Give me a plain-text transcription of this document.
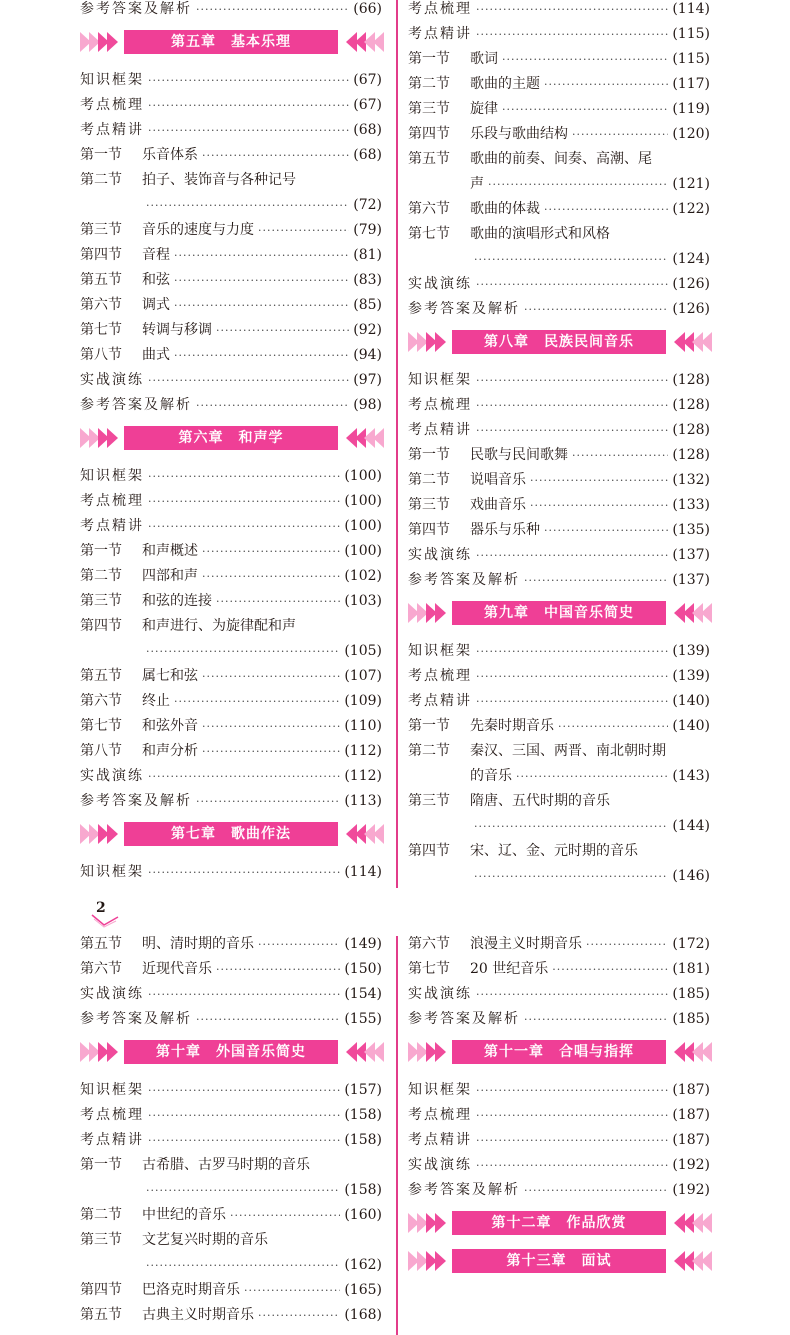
参考答案及解析 ·····	(66)
第五章　基本乐理
知识框架 ·····	(67)
考点梳理 ·····	(67)
考点精讲 ·····	(68)
第一节	乐音体系 ·····	(68)
第二节	拍子、装饰音与各种记号
·····
(72)
第三节	音乐的速度与力度 ·····	(79)
第四节	音程 ·····	(81)
第五节	和弦 ·····	(83)
第六节	调式 ·····	(85)
第七节	转调与移调 ·····	(92)
第八节	曲式 ·····	(94)
实战演练 ·····	(97)
参考答案及解析 ·····	(98)
第六章　和声学
知识框架 ·····	(100)
考点梳理 ·····	(100)
考点精讲 ·····	(100)
第一节	和声概述 ·····	(100)
第二节	四部和声 ·····	(102)
第三节	和弦的连接 ·····	(103)
第四节	和声进行、为旋律配和声
·····
(105)
第五节	属七和弦 ·····	(107)
第六节	终止 ·····	(109)
第七节	和弦外音 ·····	(110)
第八节	和声分析 ·····	(112)
实战演练 ·····	(112)
参考答案及解析 ·····	(113)
第七章　歌曲作法
知识框架 ·····	(114)
考点梳理 ·····	(114)
考点精讲 ·····	(115)
第一节	歌词 ·····	(115)
第二节	歌曲的主题 ·····	(117)
第三节	旋律 ·····	(119)
第四节	乐段与歌曲结构 ·····	(120)
第五节	歌曲的前奏、间奏、高潮、尾
声 ·····	(121)
第六节	歌曲的体裁 ·····	(122)
第七节	歌曲的演唱形式和风格
·····
(124)
实战演练 ·····	(126)
参考答案及解析 ·····	(126)
第八章　民族民间音乐
知识框架 ·····	(128)
考点梳理 ·····	(128)
考点精讲 ·····	(128)
第一节	民歌与民间歌舞 ·····	(128)
第二节	说唱音乐 ·····	(132)
第三节	戏曲音乐 ·····	(133)
第四节	器乐与乐种 ·····	(135)
实战演练 ·····	(137)
参考答案及解析 ·····	(137)
第九章　中国音乐简史
知识框架 ·····	(139)
考点梳理 ·····	(139)
考点精讲 ·····	(140)
第一节	先秦时期音乐 ·····	(140)
第二节	秦汉、三国、两晋、南北朝时期
的音乐 ·····	(143)
第三节	隋唐、五代时期的音乐
·····
(144)
第四节	宋、辽、金、元时期的音乐
·····
(146)
2
第五节	明、清时期的音乐 ·····	(149)
第六节	近现代音乐 ·····	(150)
实战演练 ·····	(154)
参考答案及解析 ·····	(155)
第十章　外国音乐简史
知识框架 ·····	(157)
考点梳理 ·····	(158)
考点精讲 ·····	(158)
第一节	古希腊、古罗马时期的音乐
·····
(158)
第二节	中世纪的音乐 ·····	(160)
第三节	文艺复兴时期的音乐
·····
(162)
第四节	巴洛克时期音乐 ·····	(165)
第五节	古典主义时期音乐 ·····	(168)
第六节	浪漫主义时期音乐 ·····	(172)
第七节	20 世纪音乐 ·····	(181)
实战演练 ·····	(185)
参考答案及解析 ·····	(185)
第十一章　合唱与指挥
知识框架 ·····	(187)
考点梳理 ·····	(187)
考点精讲 ·····	(187)
实战演练 ·····	(192)
参考答案及解析 ·····	(192)
第十二章　作品欣赏
第十三章　面试
